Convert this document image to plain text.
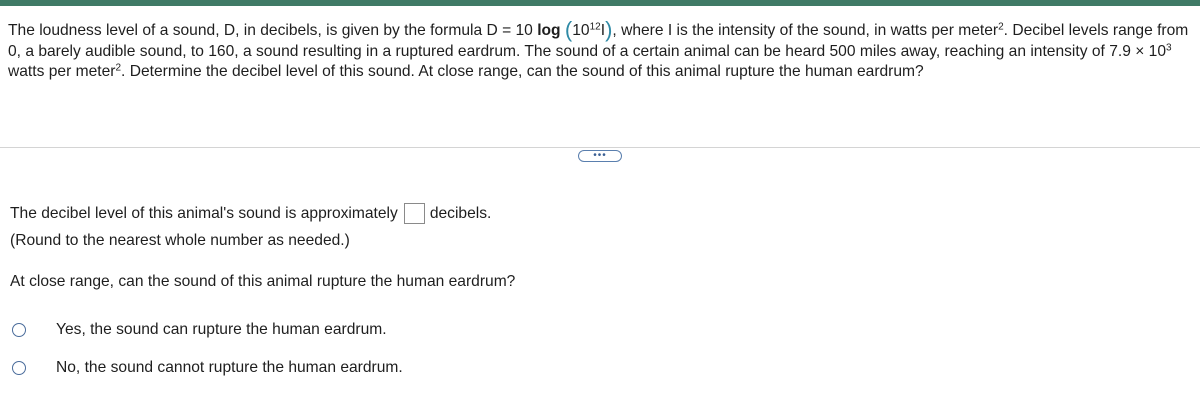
The loudness level of a sound, D, in decibels, is given by the formula D = 10 $\log (10^{12}I)$, where I is the intensity of the sound, in watts per meter$^2$. Decibel levels range from 0, a barely audible sound, to 160, a sound resulting in a ruptured eardrum. The sound of a certain animal can be heard 500 miles away, reaching an intensity of $7.9 \times 10^3$ watts per meter$^2$. Determine the decibel level of this sound. At close range, can the sound of this animal rupture the human eardrum?
•••
The decibel level of this animal's sound is approximately decibels.
(Round to the nearest whole number as needed.)
At close range, can the sound of this animal rupture the human eardrum?
Yes, the sound can rupture the human eardrum.
No, the sound cannot rupture the human eardrum.
